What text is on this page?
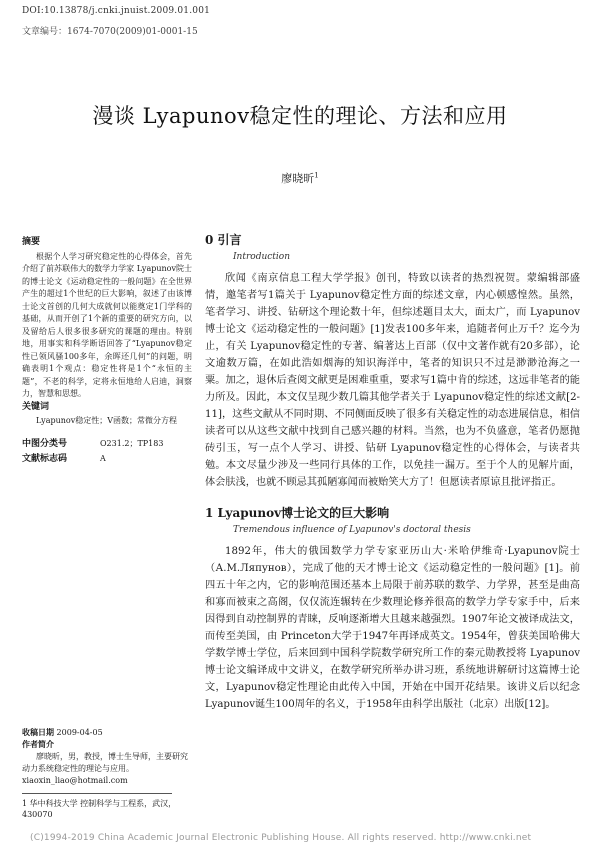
DOI:10.13878/j.cnki.jnuist.2009.01.001
文章编号：1674-7070(2009)01-0001-15
漫谈 Lyapunov稳定性的理论、方法和应用
廖晓昕$^1$
摘要

根据个人学习研究稳定性的心得体会，首先介绍了前苏联伟大的数学力学家 Lyapunov院士的博士论文《运动稳定性的一般问题》在全世界产生的超过1个世纪的巨大影响，叙述了由该博士论文首创的几何大成就何以能奠定1门学科的基础，从而开创了1个新的重要的研究方向，以及留给后人很多很多研究的课题的理由。特别地，用事实和科学断语回答了“Lyapunov稳定性已领风骚100多年，余晖还几何”的问题，明确表明1个观点：稳定性将是1个“永恒的主题”，不老的科学，定将永恒地给人启迪，洞察力，智慧和思想。

关键词

Lyapunov稳定性；V函数；常微分方程

中图分类号	O231.2；TP183
文献标志码	A
0 引言
Introduction

欣闻《南京信息工程大学学报》创刊，特致以读者的热烈祝贺。蒙编辑部盛情，邀笔者写1篇关于 Lyapunov稳定性方面的综述文章，内心顿感惶然。虽然，笔者学习、讲授、钻研这个理论数十年，但综述题目太大，面太广，而 Lyapunov博士论文《运动稳定性的一般问题》[1]发表100多年来，追随者何止万千？迄今为止，有关 Lyapunov稳定性的专著、编著达上百部（仅中文著作就有20多部），论文逾数万篇，在如此浩如烟海的知识海洋中，笔者的知识只不过是渺渺沧海之一粟。加之，退休后查阅文献更是困难重重，要求写1篇中肯的综述，这远非笔者的能力所及。因此，本文仅呈现少数几篇其他学者关于 Lyapunov稳定性的综述文献[2-11]，这些文献从不同时期、不同侧面反映了很多有关稳定性的动态进展信息，相信读者可以从这些文献中找到自己感兴趣的材料。当然，也为不负盛意，笔者仍愿抛砖引玉，写一点个人学习、讲授、钻研 Lyapunov稳定性的心得体会，与读者共勉。本文尽量少涉及一些同行具体的工作，以免挂一漏万。至于个人的见解片面，体会肤浅，也就不顾忌其孤陋寡闻而被贻笑大方了！但愿读者原谅且批评指正。

1 Lyapunov博士论文的巨大影响
Tremendous influence of Lyapunov's doctoral thesis

1892年，伟大的俄国数学力学专家亚历山大·米哈伊维奇·Lyapunov院士（А.М.Ляпунов），完成了他的天才博士论文《运动稳定性的一般问题》[1]。前四五十年之内，它的影响范围还基本上局限于前苏联的数学、力学界，甚至是曲高和寡而被束之高阁，仅仅流连辗转在少数理论修养很高的数学力学专家手中，后来因得到自动控制界的青睐，反响逐渐增大且越来越强烈。1907年论文被译成法文，而传至美国，由 Princeton大学于1947年再译成英文。1954年，曾获美国哈佛大学数学博士学位，后来回到中国科学院数学研究所工作的秦元勋教授将 Lyapunov博士论文编译成中文讲义，在数学研究所举办讲习班，系统地讲解研讨这篇博士论文，Lyapunov稳定性理论由此传入中国，开始在中国开花结果。该讲义后以纪念 Lyapunov诞生100周年的名义，于1958年由科学出版社（北京）出版[12]。

收稿日期 2009-04-05
作者简介
廖晓昕，男，教授，博士生导师，主要研究动力系统稳定性的理论与应用。xiaoxin_liao@hotmail.com
1 华中科技大学 控制科学与工程系，武汉，430070
(C)1994-2019 China Academic Journal Electronic Publishing House. All rights reserved. http://www.cnki.net
